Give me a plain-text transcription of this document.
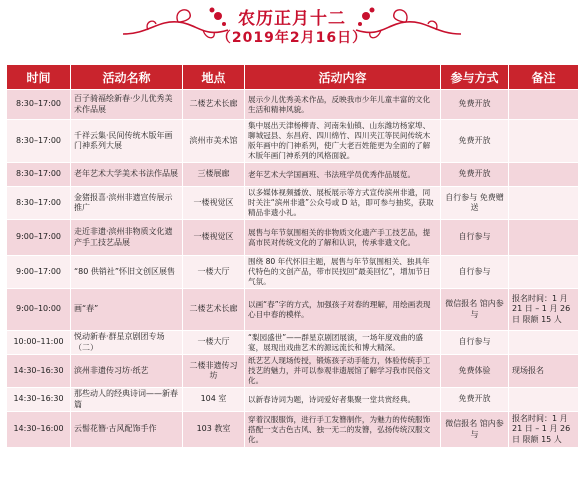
农历正月十二
（2019年2月16日）
时间	活动名称	地点	活动内容	参与方式	备注
8:30–17:00	百子骑福绘新春·少儿优秀美术作品展	二楼艺术长廊	展示少儿优秀美术作品，反映我市少年儿童丰富的文化生活和精神风貌。	免费开放	
8:30–17:00	千祥云集·民间传统木版年画门神系列大展	滨州市美术馆	集中展出天津杨柳青、河南朱仙镇、山东潍坊杨家埠、聊城冠县、东昌府、四川绵竹、四川夹江等民间传统木版年画中的门神系列，使广大老百姓能更为全面的了解木版年画门神系列的风格面貌。	免费开放	
8:30–17:00	老年艺术大学美术书法作品展	三楼展廊	老年艺术大学国画班、书法班学员优秀作品展览。	免费开放	
8:30–17:00	金猪报喜·滨州非遗宣传展示推广	一楼视觉区	以多媒体视频播放、展板展示等方式宣传滨州非遗，同时关注“滨州非遗”公众号或 D 站，即可参与抽奖，获取精品非遗小礼。	自行参与 免费赠送	
9:00–17:00	走近非遗·滨州非物质文化遗产手工技艺品展	一楼视觉区	展售与年节氛围相关的非物质文化遗产手工技艺品，提高市民对传统文化的了解和认识，传承非遗文化。	自行参与	
9:00–17:00	“80 供销社”怀旧文创区展售	一楼大厅	围绕 80 年代怀旧主题，展售与年节氛围相关、独具年代特色的文创产品，带市民找回“最美回忆”，增加节日气氛。	自行参与	
9:00–10:00	画“春”	二楼艺术长廊	以画“春”字的方式，加强孩子对春的理解，用绘画表现心目中春的模样。	微信报名 馆内参与	报名时间：1 月 21 日 – 1 月 26 日 限额 15 人
10:00–11:00	悦动新春·群星京剧团专场（二）	一楼大厅	“梨园盛世”——群星京剧团展演，一场年度戏曲的盛宴，展现出戏曲艺术的源远流长和博大精深。	自行参与	
14:30–16:30	滨州非遗传习坊·纸艺	二楼非遗传习坊	纸艺艺人现场传授，锻炼孩子动手能力，体验传统手工技艺的魅力，并可以参观非遗展馆了解学习我市民俗文化。	免费体验	现场报名
14:30–16:30	那些动人的经典诗词——新春篇	104 室	以新春诗词为题，诗词爱好者集聚一堂共赏经典。	免费开放	
14:30–16:00	云髻花簪·古风配饰手作	103 教室	穿着汉服服饰，进行手工发簪制作，为魅力的传统服饰搭配一支古色古风、独一无二的发簪，弘扬传统汉服文化。	微信报名 馆内参与	报名时间：1 月 21 日 – 1 月 26 日 限额 15 人
